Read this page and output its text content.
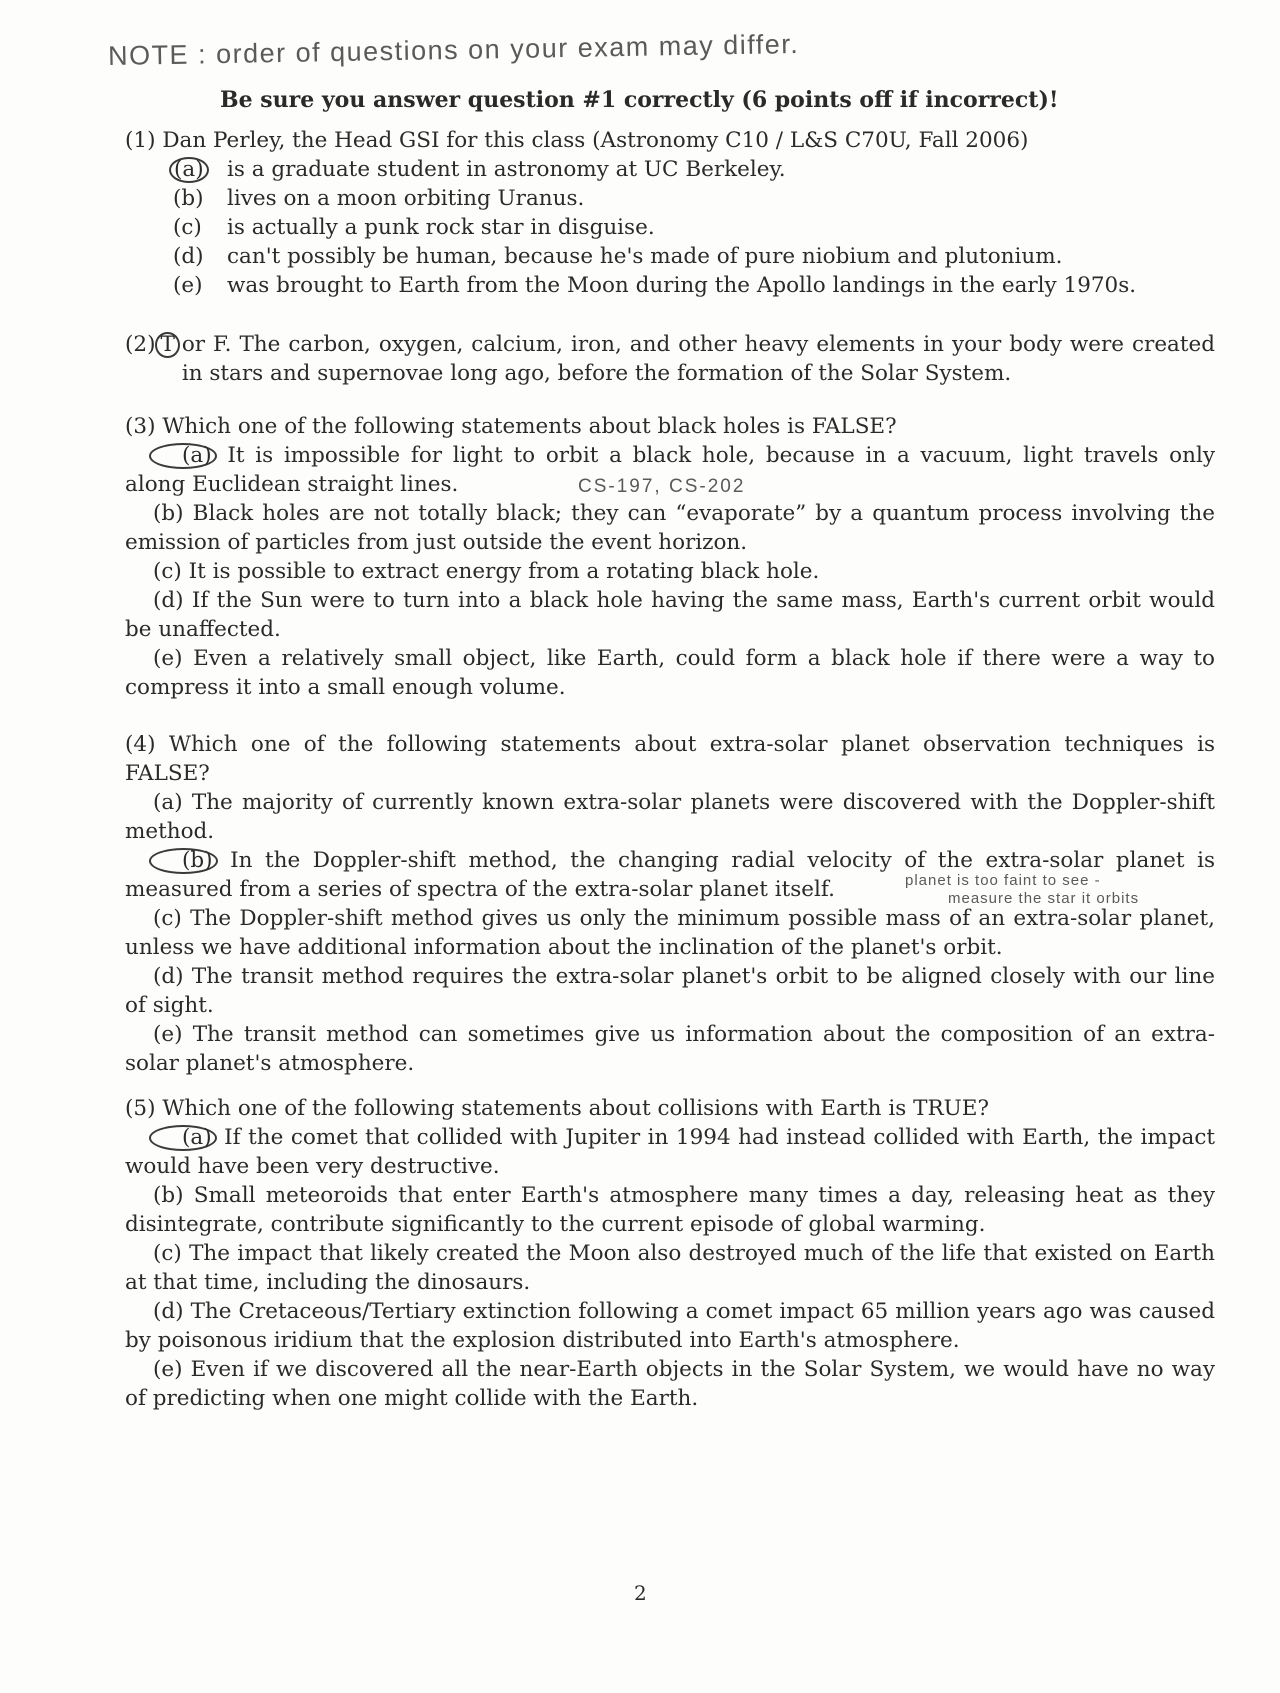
NOTE : order of questions on your exam may differ.
Be sure you answer question #1 correctly (6 points off if incorrect)!

(1) Dan Perley, the Head GSI for this class (Astronomy C10 / L&S C70U, Fall 2006)

(a)	is a graduate student in astronomy at UC Berkeley.
(b)	lives on a moon orbiting Uranus.
(c)	is actually a punk rock star in disguise.
(d)	can't possibly be human, because he's made of pure niobium and plutonium.
(e)	was brought to Earth from the Moon during the Apollo landings in the early 1970s.
(2) T or F. The carbon, oxygen, calcium, iron, and other heavy elements in your body were created in stars and supernovae long ago, before the formation of the Solar System.

(3) Which one of the following statements about black holes is FALSE?

(a) It is impossible for light to orbit a black hole, because in a vacuum, light travels only along Euclidean straight lines.

(b) Black holes are not totally black; they can “evaporate” by a quantum process involving the emission of particles from just outside the event horizon.

(c) It is possible to extract energy from a rotating black hole.

(d) If the Sun were to turn into a black hole having the same mass, Earth's current orbit would be unaffected.

(e) Even a relatively small object, like Earth, could form a black hole if there were a way to compress it into a small enough volume.

CS-197, CS-202

(4) Which one of the following statements about extra-solar planet observation techniques is FALSE?

(a) The majority of currently known extra-solar planets were discovered with the Doppler-shift method.

(b) In the Doppler-shift method, the changing radial velocity of the extra-solar planet is measured from a series of spectra of the extra-solar planet itself.

(c) The Doppler-shift method gives us only the minimum possible mass of an extra-solar planet, unless we have additional information about the inclination of the planet's orbit.

(d) The transit method requires the extra-solar planet's orbit to be aligned closely with our line of sight.

(e) The transit method can sometimes give us information about the composition of an extra-solar planet's atmosphere.

planet is too faint to see -
measure the star it orbits

(5) Which one of the following statements about collisions with Earth is TRUE?

(a) If the comet that collided with Jupiter in 1994 had instead collided with Earth, the impact would have been very destructive.

(b) Small meteoroids that enter Earth's atmosphere many times a day, releasing heat as they disintegrate, contribute significantly to the current episode of global warming.

(c) The impact that likely created the Moon also destroyed much of the life that existed on Earth at that time, including the dinosaurs.

(d) The Cretaceous/Tertiary extinction following a comet impact 65 million years ago was caused by poisonous iridium that the explosion distributed into Earth's atmosphere.

(e) Even if we discovered all the near-Earth objects in the Solar System, we would have no way of predicting when one might collide with the Earth.

2
